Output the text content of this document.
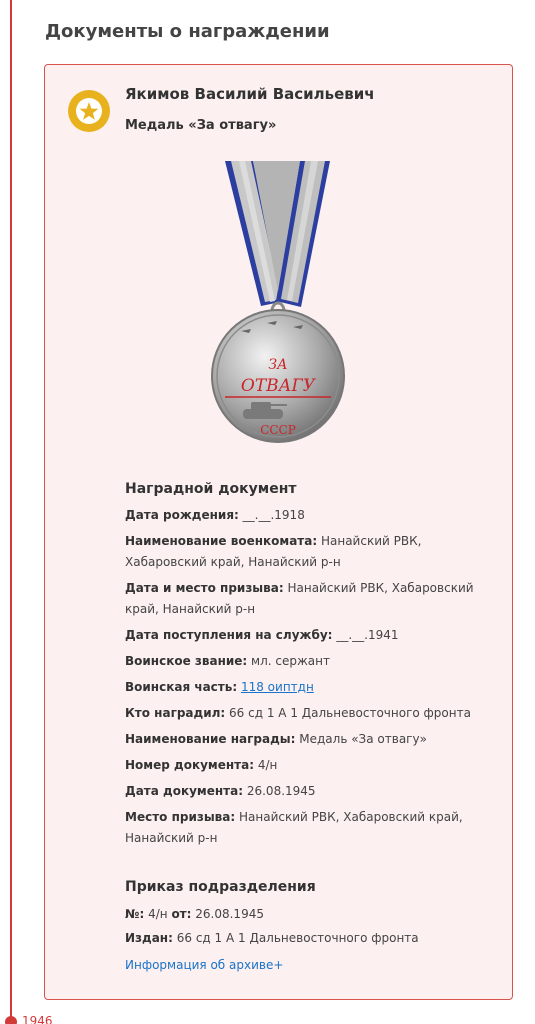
1946
Документы о награждении
Якимов Василий Васильевич
Медаль «За отвагу»
ЗА
ОТВАГУ
СССР
Наградной документ
Дата рождения: __.__.1918
Наименование военкомата: Нанайский РВК, Хабаровский край, Нанайский р-н
Дата и место призыва: Нанайский РВК, Хабаровский край, Нанайский р-н
Дата поступления на службу: __.__.1941
Воинское звание: мл. сержант
Воинская часть: 118 оиптдн
Кто наградил: 66 сд 1 А 1 Дальневосточного фронта
Наименование награды: Медаль «За отвагу»
Номер документа: 4/н
Дата документа: 26.08.1945
Место призыва: Нанайский РВК, Хабаровский край, Нанайский р-н
Приказ подразделения
№: 4/н от: 26.08.1945
Издан: 66 сд 1 А 1 Дальневосточного фронта
Информация об архиве+
